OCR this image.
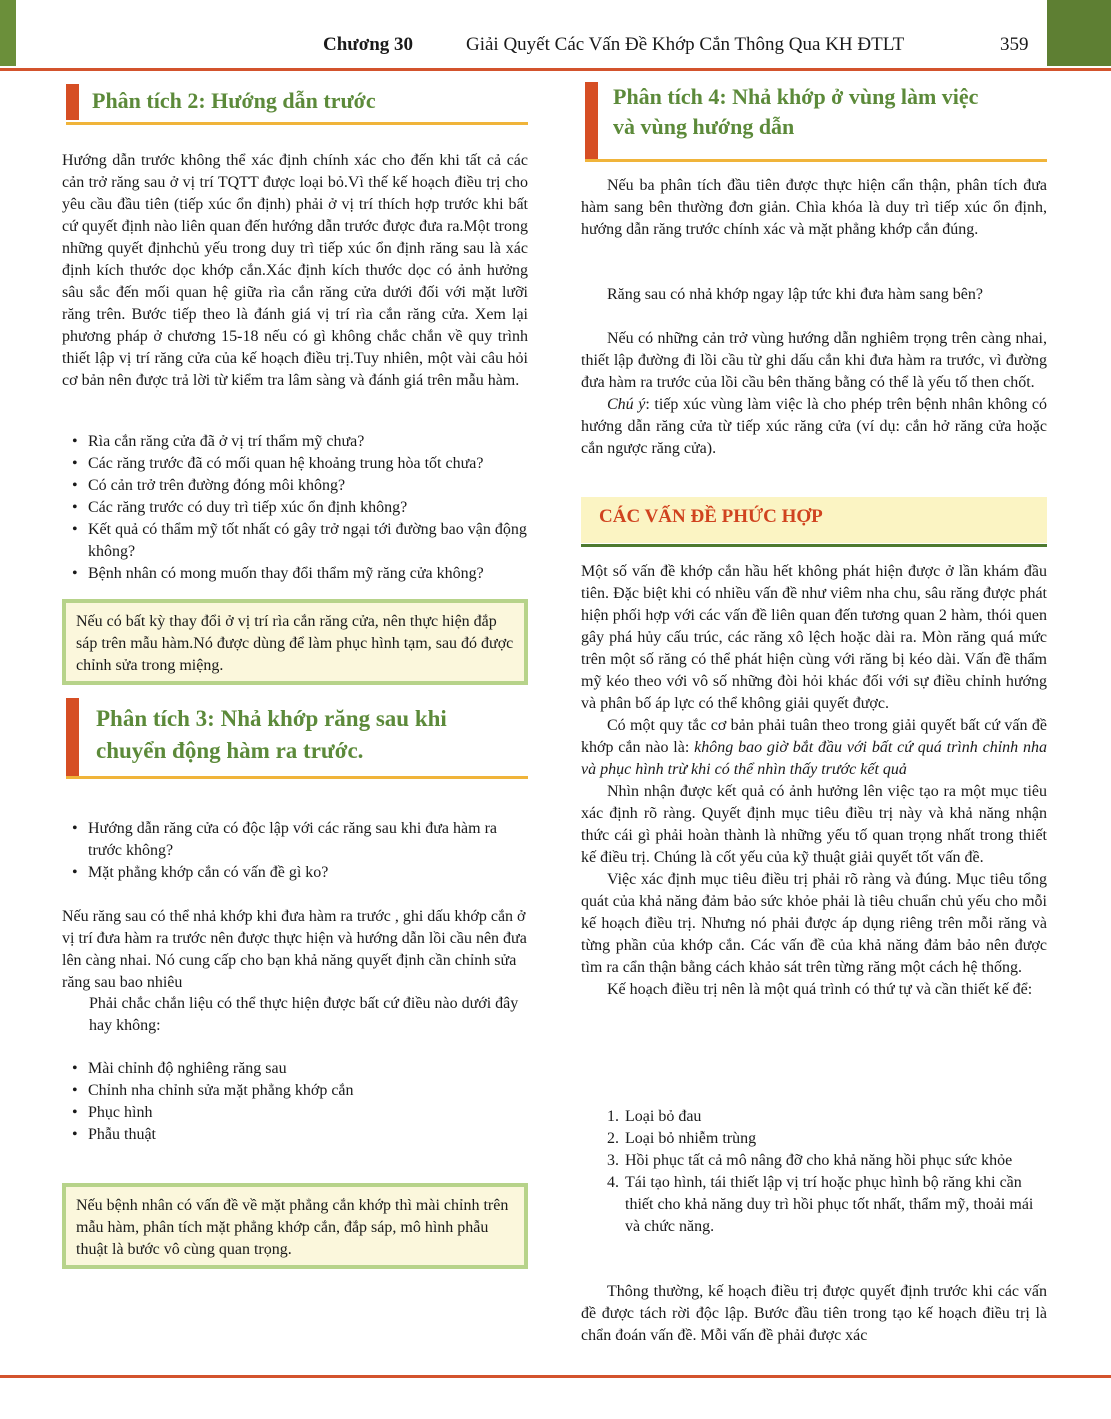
Chương 30	Giải Quyết Các Vấn Đề Khớp Cắn Thông Qua KH ĐTLT	359
Phân tích 2: Hướng dẫn trước

Hướng dẫn trước không thể xác định chính xác cho đến khi tất cả các cản trở răng sau ở vị trí TQTT được loại bỏ.Vì thế kế hoạch điều trị cho yêu cầu đầu tiên (tiếp xúc ổn định) phải ở vị trí thích hợp trước khi bất cứ quyết định nào liên quan đến hướng dẫn trước được đưa ra.Một trong những quyết địnhchủ yếu trong duy trì tiếp xúc ổn định răng sau là xác định kích thước dọc khớp cắn.Xác định kích thước dọc có ảnh hưởng sâu sắc đến mối quan hệ giữa rìa cắn răng cửa dưới đối với mặt lưỡi răng trên. Bước tiếp theo là đánh giá vị trí rìa cắn răng cửa. Xem lại phương pháp ở chương 15-18 nếu có gì không chắc chắn về quy trình thiết lập vị trí răng cửa của kế hoạch điều trị.Tuy nhiên, một vài câu hỏi cơ bản nên được trả lời từ kiểm tra lâm sàng và đánh giá trên mẫu hàm.

• Rìa cắn răng cửa đã ở vị trí thẩm mỹ chưa?
• Các răng trước đã có mối quan hệ khoảng trung hòa tốt chưa?
• Có cản trở trên đường đóng môi không?
• Các răng trước có duy trì tiếp xúc ổn định không?
• Kết quả có thẩm mỹ tốt nhất có gây trở ngại tới đường bao vận động không?
• Bệnh nhân có mong muốn thay đổi thẩm mỹ răng cửa không?
Nếu có bất kỳ thay đổi ở vị trí rìa cắn răng cửa, nên thực hiện đắp sáp trên mẫu hàm.Nó được dùng để làm phục hình tạm, sau đó được chỉnh sửa trong miệng.
Phân tích 3: Nhả khớp răng sau khi
chuyển động hàm ra trước.
• Hướng dẫn răng cửa có độc lập với các răng sau khi đưa hàm ra trước không?
• Mặt phẳng khớp cắn có vấn đề gì ko?

Nếu răng sau có thể nhả khớp khi đưa hàm ra trước , ghi dấu khớp cắn ở vị trí đưa hàm ra trước nên được thực hiện và hướng dẫn lồi cầu nên đưa lên càng nhai. Nó cung cấp cho bạn khả năng quyết định cần chỉnh sửa răng sau bao nhiêu

Phải chắc chắn liệu có thể thực hiện được bất cứ điều nào dưới đây hay không:

• Mài chỉnh độ nghiêng răng sau
• Chỉnh nha chỉnh sửa mặt phẳng khớp cắn
• Phục hình
• Phẫu thuật
Nếu bệnh nhân có vấn đề về mặt phẳng cắn khớp thì mài chỉnh trên mẫu hàm, phân tích mặt phẳng khớp cắn, đắp sáp, mô hình phẫu thuật là bước vô cùng quan trọng.
Phân tích 4: Nhả khớp ở vùng làm việc
và vùng hướng dẫn

Nếu ba phân tích đầu tiên được thực hiện cẩn thận, phân tích đưa hàm sang bên thường đơn giản. Chìa khóa là duy trì tiếp xúc ổn định, hướng dẫn răng trước chính xác và mặt phẳng khớp cắn đúng.

Răng sau có nhả khớp ngay lập tức khi đưa hàm sang bên?

Nếu có những cản trở vùng hướng dẫn nghiêm trọng trên càng nhai, thiết lập đường đi lồi cầu từ ghi dấu cắn khi đưa hàm ra trước, vì đường đưa hàm ra trước của lồi cầu bên thăng bằng có thể là yếu tố then chốt.

Chú ý: tiếp xúc vùng làm việc là cho phép trên bệnh nhân không có hướng dẫn răng cửa từ tiếp xúc răng cửa (ví dụ: cắn hở răng cửa hoặc cắn ngược răng cửa).

CÁC VẤN ĐỀ PHỨC HỢP

Một số vấn đề khớp cắn hầu hết không phát hiện được ở lần khám đầu tiên. Đặc biệt khi có nhiều vấn đề như viêm nha chu, sâu răng được phát hiện phối hợp với các vấn đề liên quan đến tương quan 2 hàm, thói quen gây phá hủy cấu trúc, các răng xô lệch hoặc dài ra. Mòn răng quá mức trên một số răng có thể phát hiện cùng với răng bị kéo dài. Vấn đề thẩm mỹ kéo theo với vô số những đòi hỏi khác đối với sự điều chỉnh hướng và phân bố áp lực có thể không giải quyết được.

Có một quy tắc cơ bản phải tuân theo trong giải quyết bất cứ vấn đề khớp cắn nào là: không bao giờ bắt đầu với bất cứ quá trình chỉnh nha và phục hình trừ khi có thể nhìn thấy trước kết quả

Nhìn nhận được kết quả có ảnh hưởng lên việc tạo ra một mục tiêu xác định rõ ràng. Quyết định mục tiêu điều trị này và khả năng nhận thức cái gì phải hoàn thành là những yếu tố quan trọng nhất trong thiết kế điều trị. Chúng là cốt yếu của kỹ thuật giải quyết tốt vấn đề.

Việc xác định mục tiêu điều trị phải rõ ràng và đúng. Mục tiêu tổng quát của khả năng đảm bảo sức khỏe phải là tiêu chuẩn chủ yếu cho mỗi kế hoạch điều trị. Nhưng nó phải được áp dụng riêng trên mỗi răng và từng phần của khớp cắn. Các vấn đề của khả năng đảm bảo nên được tìm ra cẩn thận bằng cách khảo sát trên từng răng một cách hệ thống.

Kế hoạch điều trị nên là một quá trình có thứ tự và cần thiết kế để:

1. Loại bỏ đau
2. Loại bỏ nhiễm trùng
3. Hồi phục tất cả mô nâng đỡ cho khả năng hồi phục sức khỏe
4. Tái tạo hình, tái thiết lập vị trí hoặc phục hình bộ răng khi cần thiết cho khả năng duy trì hồi phục tốt nhất, thẩm mỹ, thoải mái và chức năng.

Thông thường, kế hoạch điều trị được quyết định trước khi các vấn đề được tách rời độc lập. Bước đầu tiên trong tạo kế hoạch điều trị là chẩn đoán vấn đề. Mỗi vấn đề phải được xác
